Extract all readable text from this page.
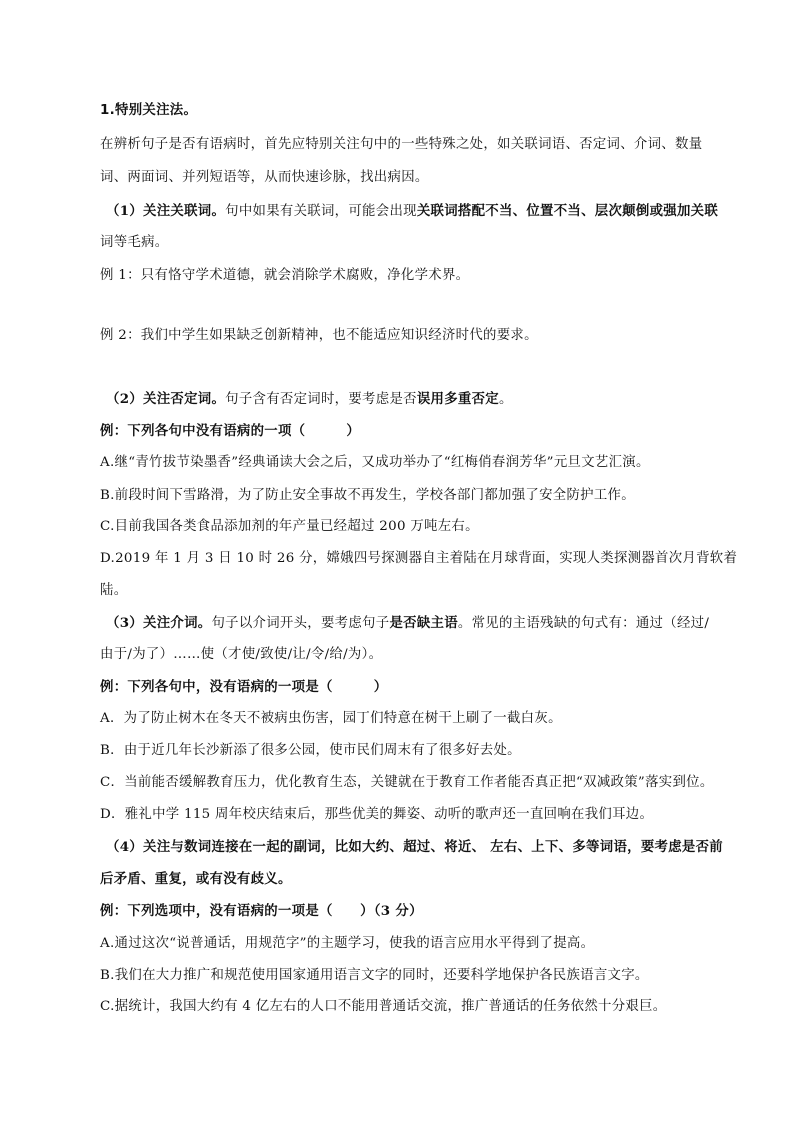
1.特别关注法。
在辨析句子是否有语病时，首先应特别关注句中的一些特殊之处，如关联词语、否定词、介词、数量
词、两面词、并列短语等，从而快速诊脉，找出病因。
（1）关注关联词。句中如果有关联词，可能会出现关联词搭配不当、位置不当、层次颠倒或强加关联
词等毛病。
例 1：只有恪守学术道德，就会消除学术腐败，净化学术界。
例 2：我们中学生如果缺乏创新精神，也不能适应知识经济时代的要求。
（2）关注否定词。句子含有否定词时，要考虑是否误用多重否定。
例：下列各句中没有语病的一项（　　　）
A.继“青竹拔节染墨香”经典诵读大会之后，又成功举办了“红梅俏春润芳华”元旦文艺汇演。
B.前段时间下雪路滑，为了防止安全事故不再发生，学校各部门都加强了安全防护工作。
C.目前我国各类食品添加剂的年产量已经超过 200 万吨左右。
D.2019 年 1 月 3 日 10 时 26 分，嫦娥四号探测器自主着陆在月球背面，实现人类探测器首次月背软着
陆。
（3）关注介词。句子以介词开头，要考虑句子是否缺主语。常见的主语残缺的句式有：通过（经过/
由于/为了）……使（才使/致使/让/令/给/为）。
例：下列各句中，没有语病的一项是（　　　）
A．为了防止树木在冬天不被病虫伤害，园丁们特意在树干上刷了一截白灰。
B．由于近几年长沙新添了很多公园，使市民们周末有了很多好去处。
C．当前能否缓解教育压力，优化教育生态，关键就在于教育工作者能否真正把“双减政策”落实到位。
D．雅礼中学 115 周年校庆结束后，那些优美的舞姿、动听的歌声还一直回响在我们耳边。
（4）关注与数词连接在一起的副词，比如大约、超过、将近、 左右、上下、多等词语，要考虑是否前
后矛盾、重复，或有没有歧义。
例：下列选项中，没有语病的一项是（　　）（3 分）
A.通过这次“说普通话，用规范字”的主题学习，使我的语言应用水平得到了提高。
B.我们在大力推广和规范使用国家通用语言文字的同时，还要科学地保护各民族语言文字。
C.据统计，我国大约有 4 亿左右的人口不能用普通话交流，推广普通话的任务依然十分艰巨。
